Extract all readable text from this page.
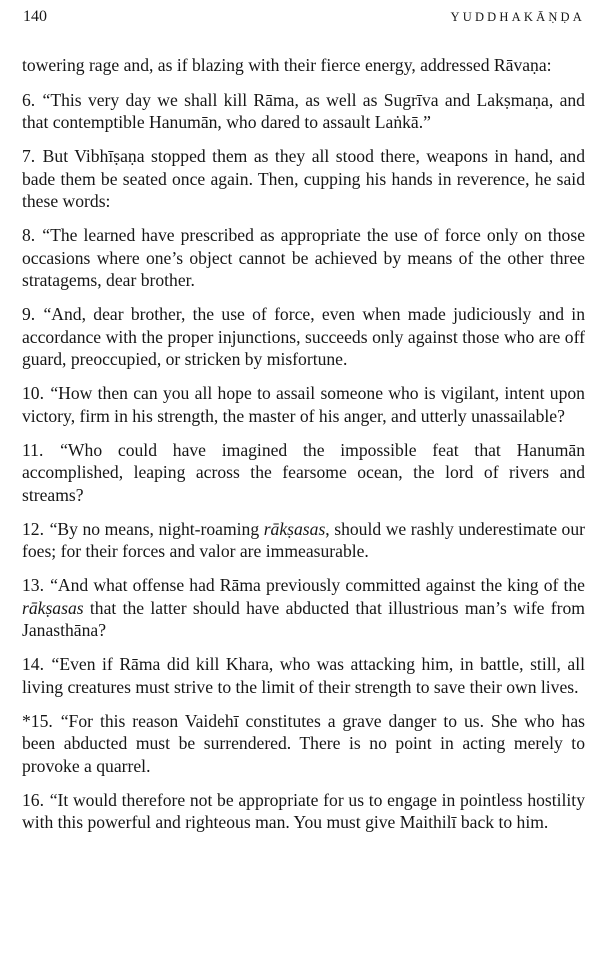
140	YUDDHAKĀṆḌA

towering rage and, as if blazing with their fierce energy, addressed Rāvaṇa:

6. “This very day we shall kill Rāma, as well as Sugrīva and Lakṣmaṇa, and that contemptible Hanumān, who dared to assault Laṅkā.”

7. But Vibhīṣaṇa stopped them as they all stood there, weapons in hand, and bade them be seated once again. Then, cupping his hands in reverence, he said these words:

8. “The learned have prescribed as appropriate the use of force only on those occasions where one’s object cannot be achieved by means of the other three stratagems, dear brother.

9. “And, dear brother, the use of force, even when made judiciously and in accordance with the proper injunctions, succeeds only against those who are off guard, preoccupied, or stricken by misfortune.

10. “How then can you all hope to assail someone who is vigilant, intent upon victory, firm in his strength, the master of his anger, and utterly unassailable?

11. “Who could have imagined the impossible feat that Hanumān accomplished, leaping across the fearsome ocean, the lord of rivers and streams?

12. “By no means, night-roaming rākṣasas, should we rashly underestimate our foes; for their forces and valor are immeasurable.

13. “And what offense had Rāma previously committed against the king of the rākṣasas that the latter should have abducted that illustrious man’s wife from Janasthāna?

14. “Even if Rāma did kill Khara, who was attacking him, in battle, still, all living creatures must strive to the limit of their strength to save their own lives.

*15. “For this reason Vaidehī constitutes a grave danger to us. She who has been abducted must be surrendered. There is no point in acting merely to provoke a quarrel.

16. “It would therefore not be appropriate for us to engage in pointless hostility with this powerful and righteous man. You must give Maithilī back to him.
